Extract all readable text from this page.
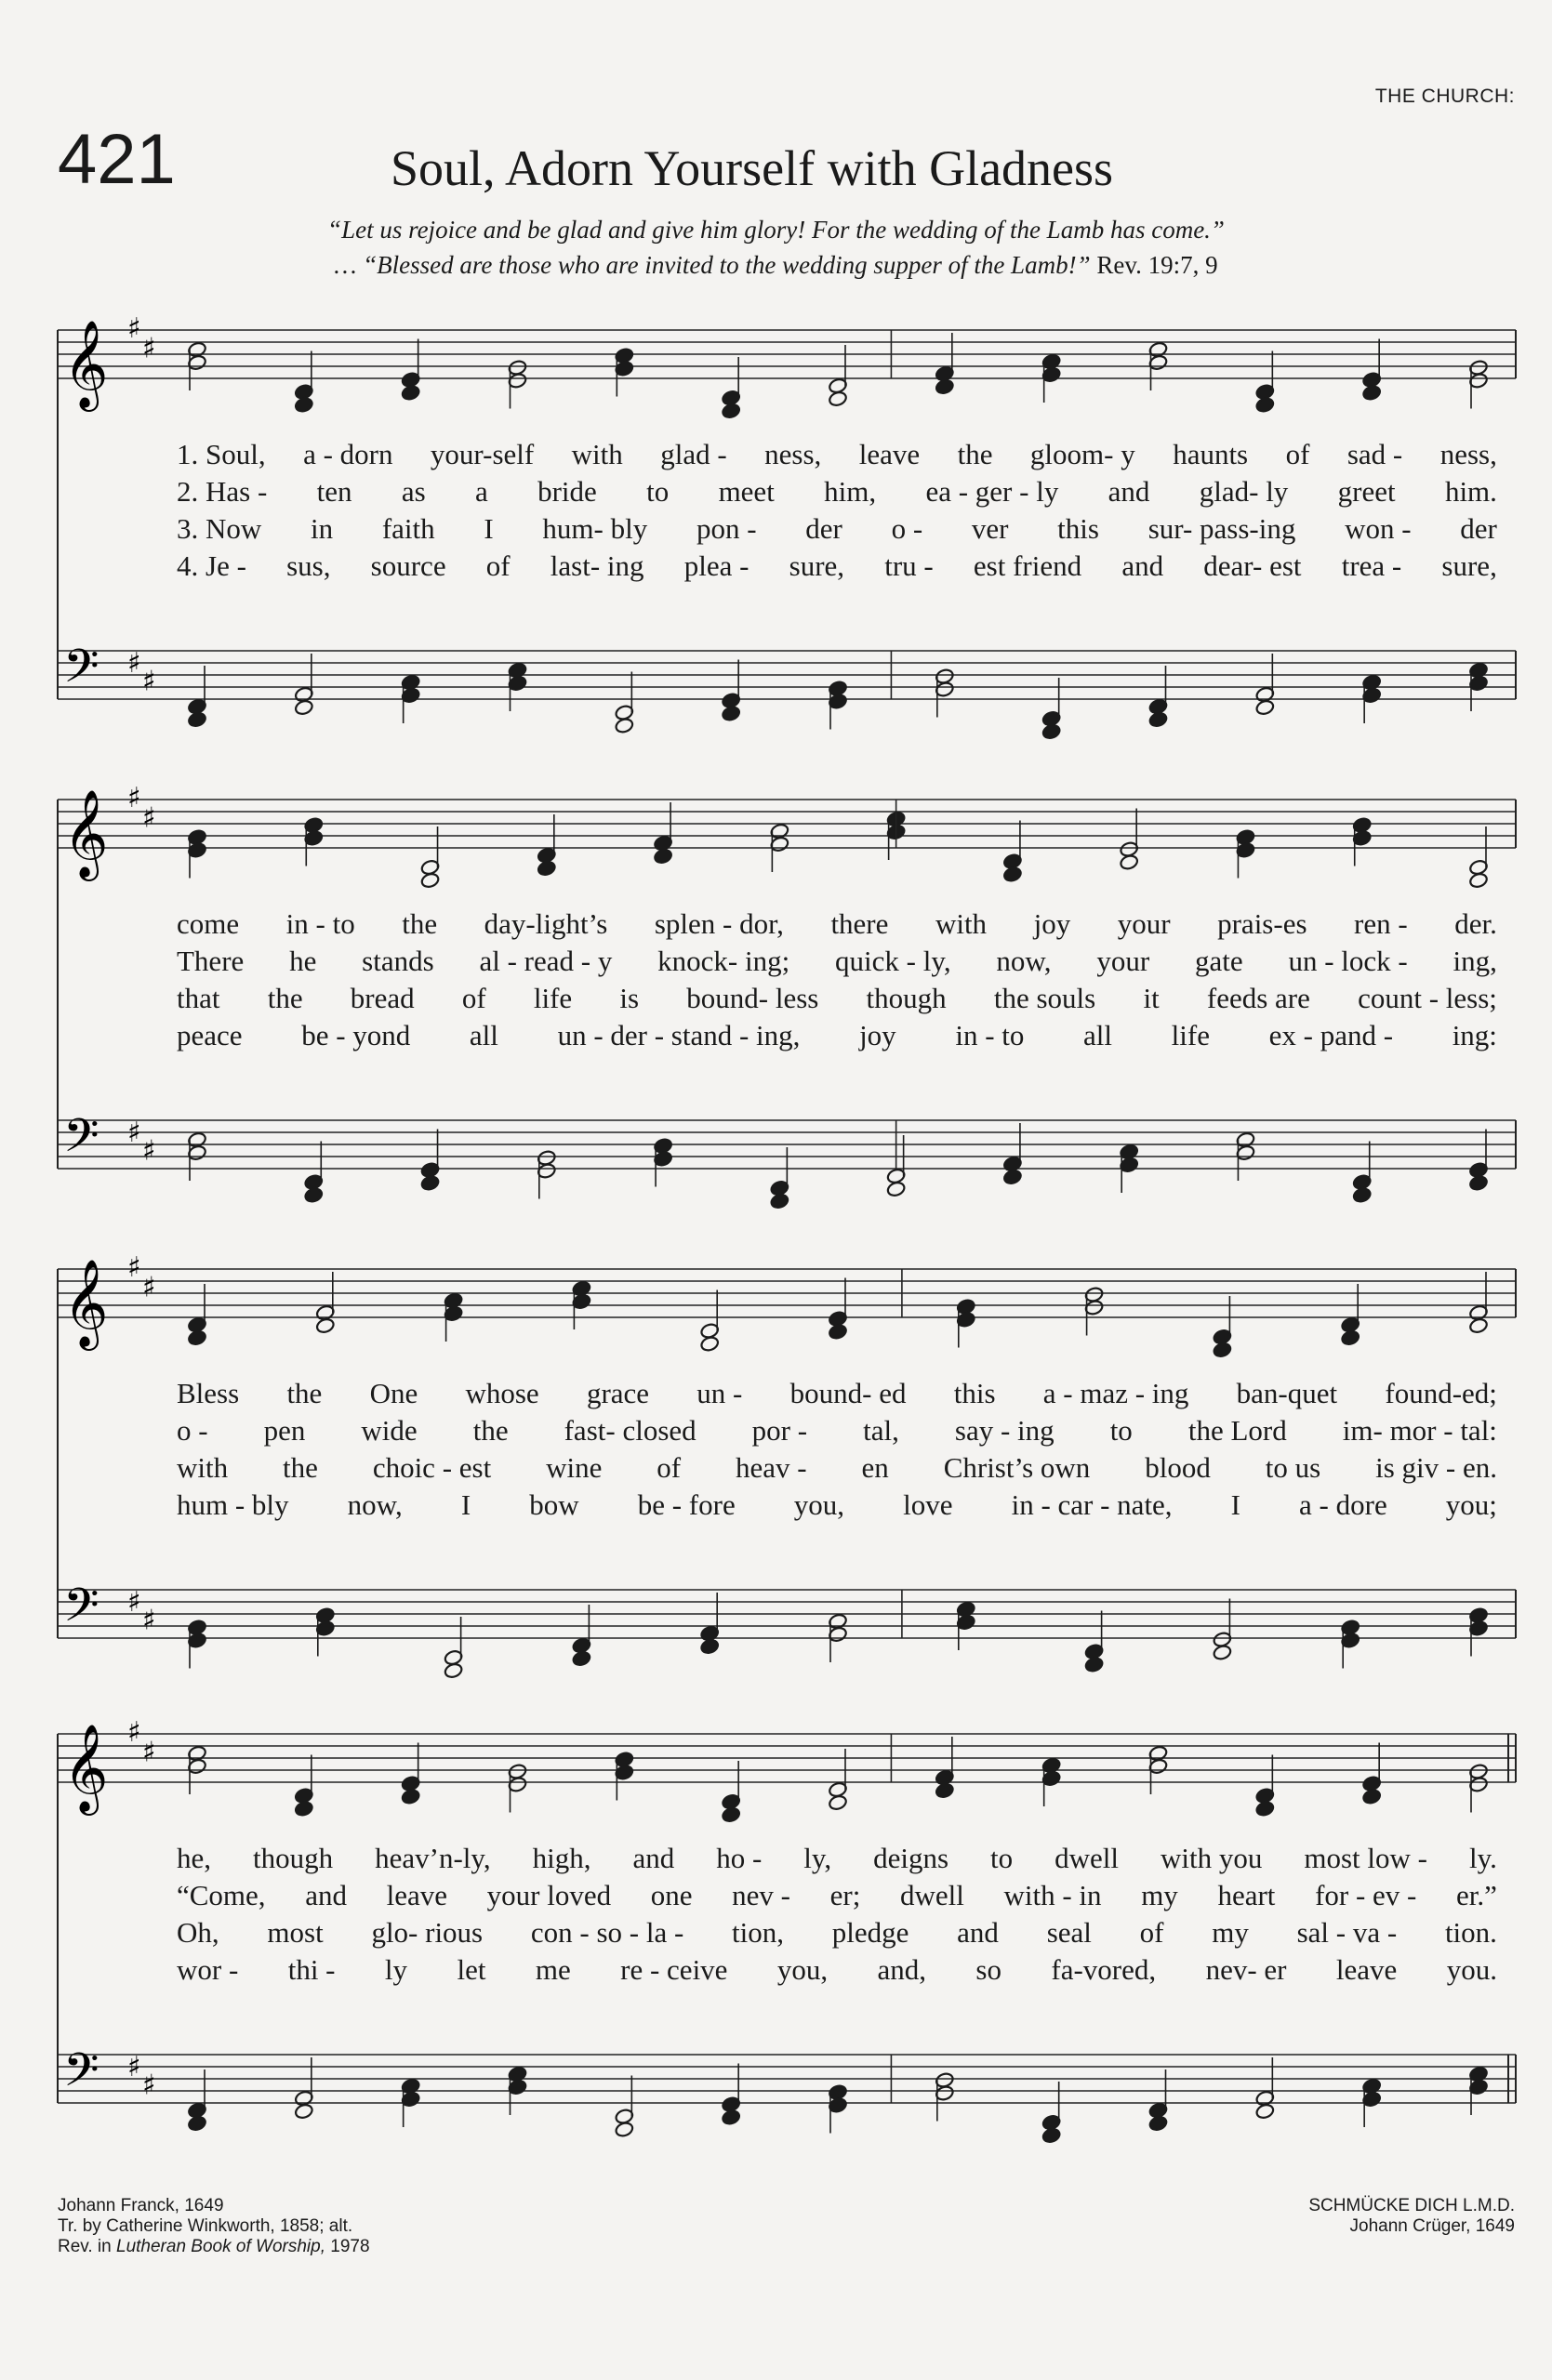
THE CHURCH:
421	Soul, Adorn Yourself with Gladness
“Let us rejoice and be glad and give him glory! For the wedding of the Lamb has come.”
… “Blessed are those who are invited to the wedding supper of the Lamb!” Rev. 19:7, 9
𝄞 ♯
♯
𝄢 ♯
♯
𝄞 ♯
♯
𝄢 ♯
♯
𝄞 ♯
♯
𝄢 ♯
♯
𝄞 ♯
♯
𝄢 ♯
♯
Johann Franck, 1649
Tr. by Catherine Winkworth, 1858; alt.
Rev. in Lutheran Book of Worship, 1978
SCHMÜCKE DICH L.M.D.
Johann Crüger, 1649
1. Soul, a - dorn your-self with glad - ness, leave the gloom- y haunts of sad - ness,
2. Has - ten as a bride to meet him, ea - ger - ly and glad- ly greet him.
3. Now in faith I hum- bly pon - der o - ver this sur- pass-ing won - der
4. Je - sus, source of last- ing plea - sure, tru - est friend and dear- est trea - sure,
come in - to the day-light’s splen - dor, there with joy your prais-es ren - der.
There he stands al - read - y knock- ing; quick - ly, now, your gate un - lock - ing,
that the bread of life is bound- less though the souls it feeds are count - less;
peace be - yond all un - der - stand - ing, joy in - to all life ex - pand - ing:
Bless the One whose grace un - bound- ed this a - maz - ing ban-quet found-ed;
o - pen wide the fast- closed por - tal, say - ing to the Lord im- mor - tal:
with the choic - est wine of heav - en Christ’s own blood to us is giv - en.
hum - bly now, I bow be - fore you, love in - car - nate, I a - dore you;
he, though heav’n-ly, high, and ho - ly, deigns to dwell with you most low - ly.
“Come, and leave your loved one nev - er; dwell with - in my heart for - ev - er.”
Oh, most glo- rious con - so - la - tion, pledge and seal of my sal - va - tion.
wor - thi - ly let me re - ceive you, and, so fa-vored, nev- er leave you.
